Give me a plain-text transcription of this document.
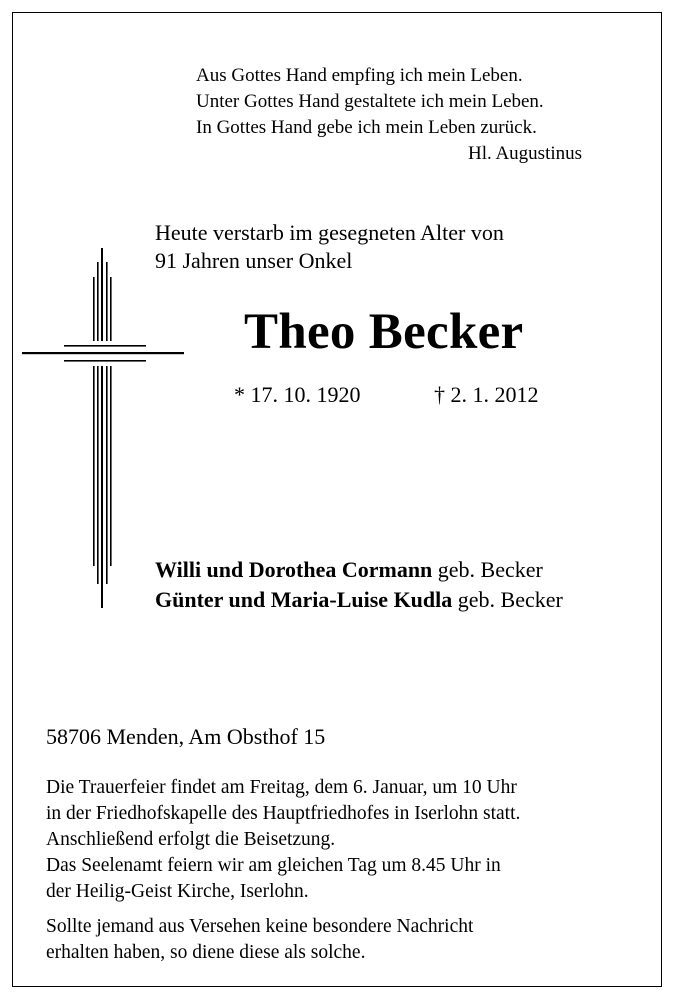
Aus Gottes Hand empfing ich mein Leben.
Unter Gottes Hand gestaltete ich mein Leben.
In Gottes Hand gebe ich mein Leben zurück.
Hl. Augustinus
Heute verstarb im gesegneten Alter von
91 Jahren unser Onkel
Theo Becker
* 17. 10. 1920	† 2. 1. 2012
Willi und Dorothea Cormann geb. Becker
Günter und Maria-Luise Kudla geb. Becker
58706 Menden, Am Obsthof 15
Die Trauerfeier findet am Freitag, dem 6. Januar, um 10 Uhr
in der Friedhofskapelle des Hauptfriedhofes in Iserlohn statt.
Anschließend erfolgt die Beisetzung.
Das Seelenamt feiern wir am gleichen Tag um 8.45 Uhr in
der Heilig-Geist Kirche, Iserlohn.
Sollte jemand aus Versehen keine besondere Nachricht
erhalten haben, so diene diese als solche.
